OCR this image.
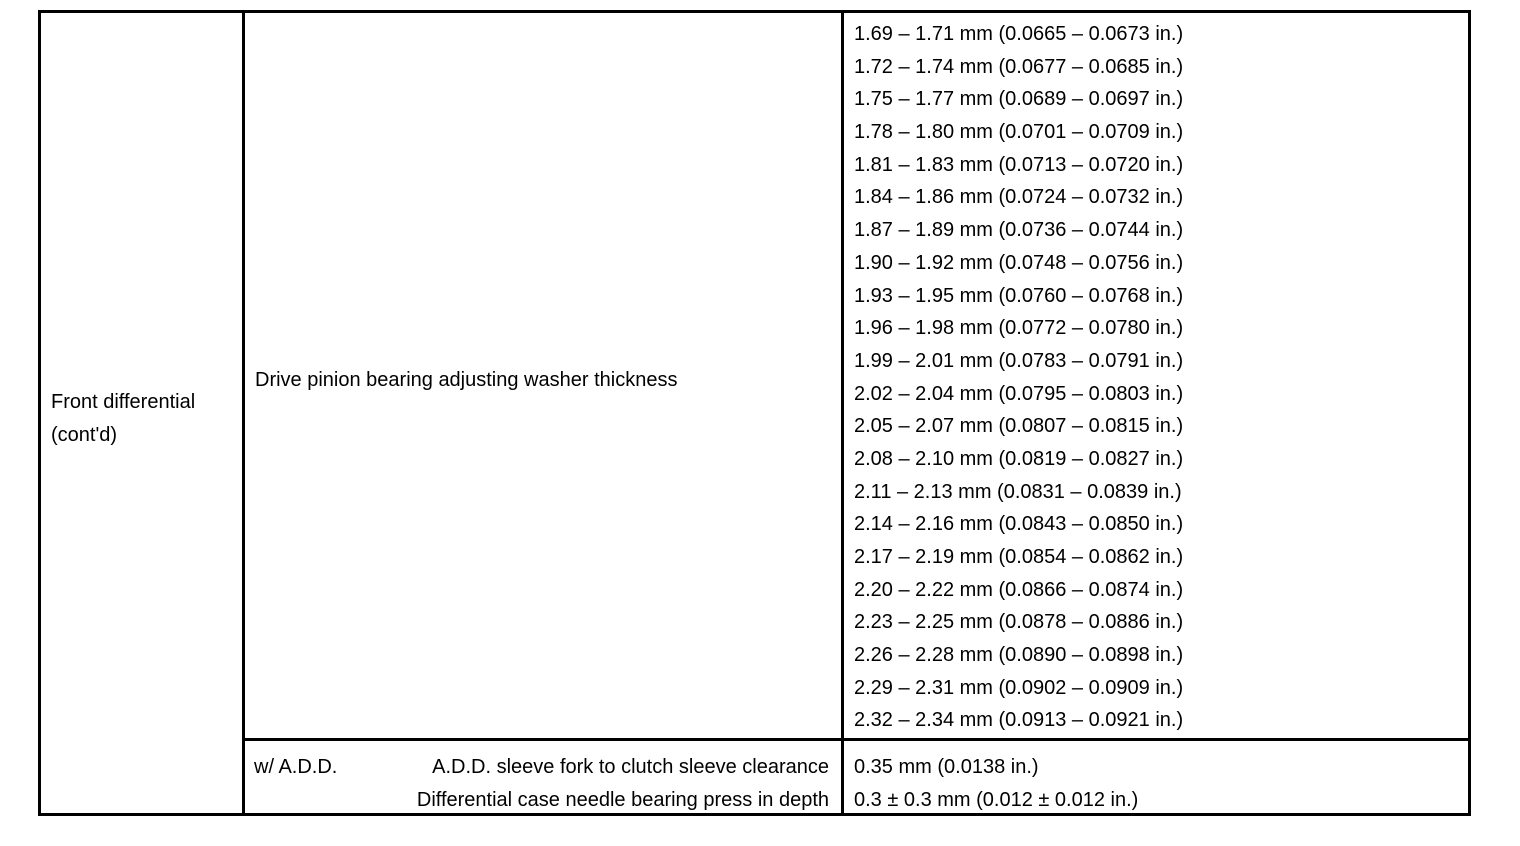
Front differential
(cont'd)
Drive pinion bearing adjusting washer thickness
1.69 – 1.71 mm (0.0665 – 0.0673 in.)
1.72 – 1.74 mm (0.0677 – 0.0685 in.)
1.75 – 1.77 mm (0.0689 – 0.0697 in.)
1.78 – 1.80 mm (0.0701 – 0.0709 in.)
1.81 – 1.83 mm (0.0713 – 0.0720 in.)
1.84 – 1.86 mm (0.0724 – 0.0732 in.)
1.87 – 1.89 mm (0.0736 – 0.0744 in.)
1.90 – 1.92 mm (0.0748 – 0.0756 in.)
1.93 – 1.95 mm (0.0760 – 0.0768 in.)
1.96 – 1.98 mm (0.0772 – 0.0780 in.)
1.99 – 2.01 mm (0.0783 – 0.0791 in.)
2.02 – 2.04 mm (0.0795 – 0.0803 in.)
2.05 – 2.07 mm (0.0807 – 0.0815 in.)
2.08 – 2.10 mm (0.0819 – 0.0827 in.)
2.11 – 2.13 mm (0.0831 – 0.0839 in.)
2.14 – 2.16 mm (0.0843 – 0.0850 in.)
2.17 – 2.19 mm (0.0854 – 0.0862 in.)
2.20 – 2.22 mm (0.0866 – 0.0874 in.)
2.23 – 2.25 mm (0.0878 – 0.0886 in.)
2.26 – 2.28 mm (0.0890 – 0.0898 in.)
2.29 – 2.31 mm (0.0902 – 0.0909 in.)
2.32 – 2.34 mm (0.0913 – 0.0921 in.)
w/ A.D.D.	A.D.D. sleeve fork to clutch sleeve clearance
Differential case needle bearing press in depth
0.35 mm (0.0138 in.)
0.3 ± 0.3 mm (0.012 ± 0.012 in.)
